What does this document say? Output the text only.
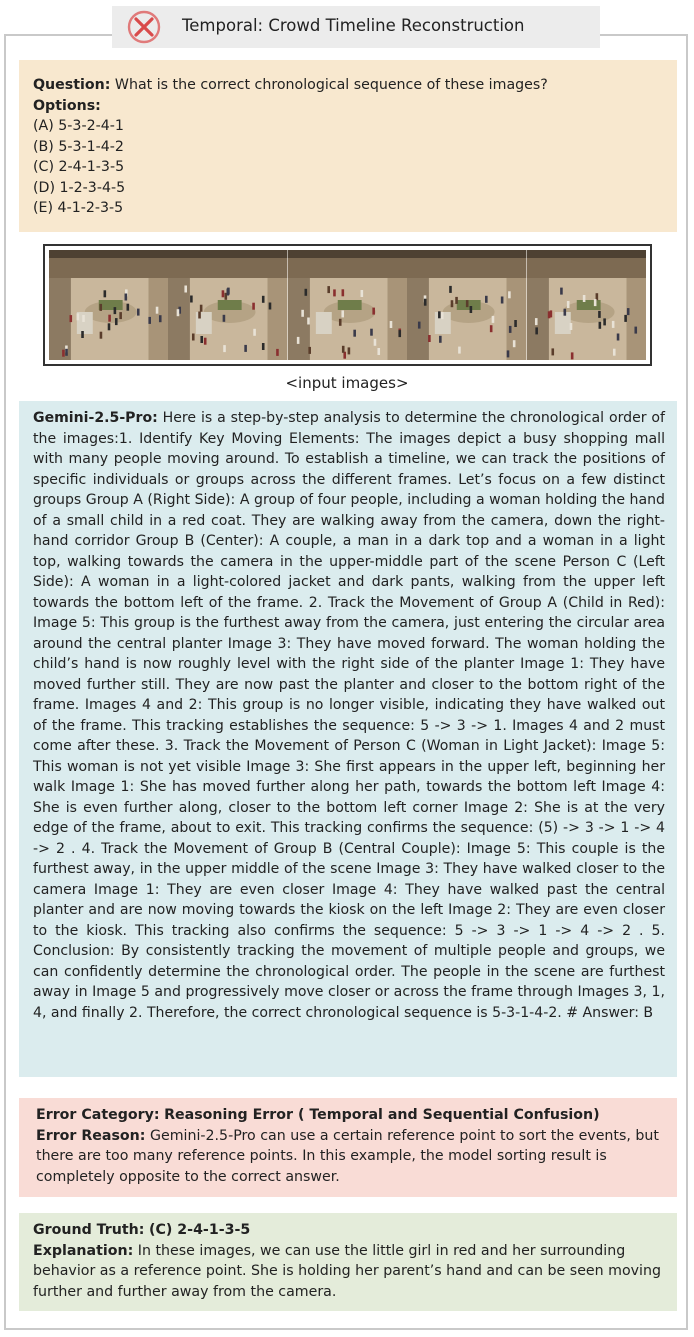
Temporal: Crowd Timeline Reconstruction
Question: What is the correct chronological sequence of these images?
Options:
(A) 5-3-2-4-1
(B) 5-3-1-4-2
(C) 2-4-1-3-5
(D) 1-2-3-4-5
(E) 4-1-2-3-5
<input images>
Gemini-2.5-Pro: Here is a step-by-step analysis to determine the chronological order of the images:1. Identify Key Moving Elements: The images depict a busy shopping mall with many people moving around. To establish a timeline, we can track the positions of specific individuals or groups across the different frames. Let’s focus on a few distinct groups Group A (Right Side): A group of four people, including a woman holding the hand of a small child in a red coat. They are walking away from the camera, down the right-hand corridor Group B (Center): A couple, a man in a dark top and a woman in a light top, walking towards the camera in the upper-middle part of the scene Person C (Left Side): A woman in a light-colored jacket and dark pants, walking from the upper left towards the bottom left of the frame. 2. Track the Movement of Group A (Child in Red): Image 5: This group is the furthest away from the camera, just entering the circular area around the central planter Image 3: They have moved forward. The woman holding the child’s hand is now roughly level with the right side of the planter Image 1: They have moved further still. They are now past the planter and closer to the bottom right of the frame. Images 4 and 2: This group is no longer visible, indicating they have walked out of the frame. This tracking establishes the sequence: 5 -> 3 -> 1. Images 4 and 2 must come after these. 3. Track the Movement of Person C (Woman in Light Jacket): Image 5: This woman is not yet visible Image 3: She first appears in the upper left, beginning her walk Image 1: She has moved further along her path, towards the bottom left Image 4: She is even further along, closer to the bottom left corner Image 2: She is at the very edge of the frame, about to exit. This tracking confirms the sequence: (5) -> 3 -> 1 -> 4 -> 2 . 4. Track the Movement of Group B (Central Couple): Image 5: This couple is the furthest away, in the upper middle of the scene Image 3: They have walked closer to the camera Image 1: They are even closer Image 4: They have walked past the central planter and are now moving towards the kiosk on the left Image 2: They are even closer to the kiosk. This tracking also confirms the sequence: 5 -> 3 -> 1 -> 4 -> 2 . 5. Conclusion: By consistently tracking the movement of multiple people and groups, we can confidently determine the chronological order. The people in the scene are furthest away in Image 5 and progressively move closer or across the frame through Images 3, 1, 4, and finally 2. Therefore, the correct chronological sequence is 5-3-1-4-2. # Answer: B
Error Category: Reasoning Error ( Temporal and Sequential Confusion)
Error Reason: Gemini-2.5-Pro can use a certain reference point to sort the events, but there are too many reference points. In this example, the model sorting result is completely opposite to the correct answer.
Ground Truth: (C) 2-4-1-3-5
Explanation: In these images, we can use the little girl in red and her surrounding behavior as a reference point. She is holding her parent’s hand and can be seen moving further and further away from the camera.
